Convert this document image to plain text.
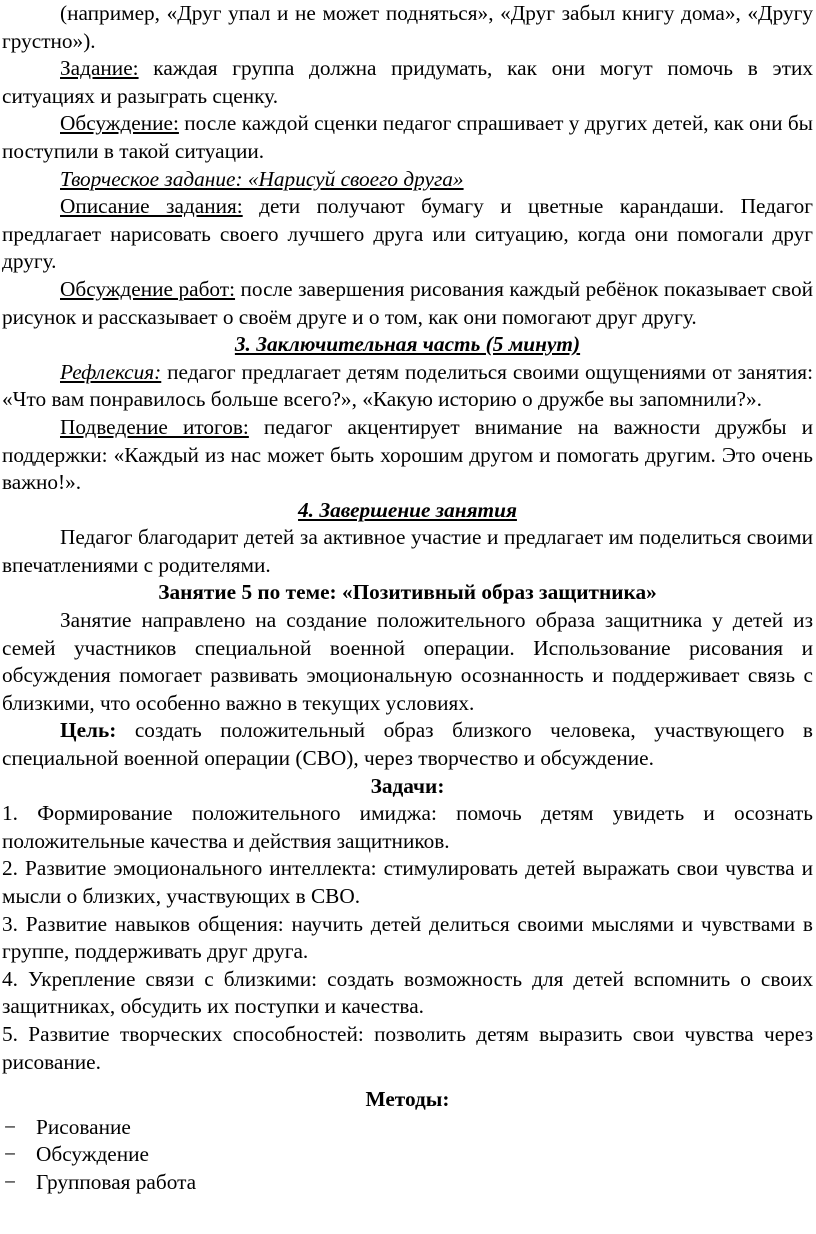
(например, «Друг упал и не может подняться», «Друг забыл книгу дома», «Другу грустно»).

Задание: каждая группа должна придумать, как они могут помочь в этих ситуациях и разыграть сценку.

Обсуждение: после каждой сценки педагог спрашивает у других детей, как они бы поступили в такой ситуации.

Творческое задание: «Нарисуй своего друга»

Описание задания: дети получают бумагу и цветные карандаши. Педагог предлагает нарисовать своего лучшего друга или ситуацию, когда они помогали друг другу.

Обсуждение работ: после завершения рисования каждый ребёнок показывает свой рисунок и рассказывает о своём друге и о том, как они помогают друг другу.

3. Заключительная часть (5 минут)

Рефлексия: педагог предлагает детям поделиться своими ощущениями от занятия: «Что вам понравилось больше всего?», «Какую историю о дружбе вы запомнили?».

Подведение итогов: педагог акцентирует внимание на важности дружбы и поддержки: «Каждый из нас может быть хорошим другом и помогать другим. Это очень важно!».

4. Завершение занятия

Педагог благодарит детей за активное участие и предлагает им поделиться своими впечатлениями с родителями.

Занятие 5 по теме: «Позитивный образ защитника»

Занятие направлено на создание положительного образа защитника у детей из семей участников специальной военной операции. Использование рисования и обсуждения помогает развивать эмоциональную осознанность и поддерживает связь с близкими, что особенно важно в текущих условиях.

Цель: создать положительный образ близкого человека, участвующего в специальной военной операции (СВО), через творчество и обсуждение.

Задачи:

1. Формирование положительного имиджа: помочь детям увидеть и осознать положительные качества и действия защитников.

2. Развитие эмоционального интеллекта: стимулировать детей выражать свои чувства и мысли о близких, участвующих в СВО.

3. Развитие навыков общения: научить детей делиться своими мыслями и чувствами в группе, поддерживать друг друга.

4. Укрепление связи с близкими: создать возможность для детей вспомнить о своих защитниках, обсудить их поступки и качества.

5. Развитие творческих способностей: позволить детям выразить свои чувства через рисование.

Методы:

− Рисование
− Обсуждение
− Групповая работа
